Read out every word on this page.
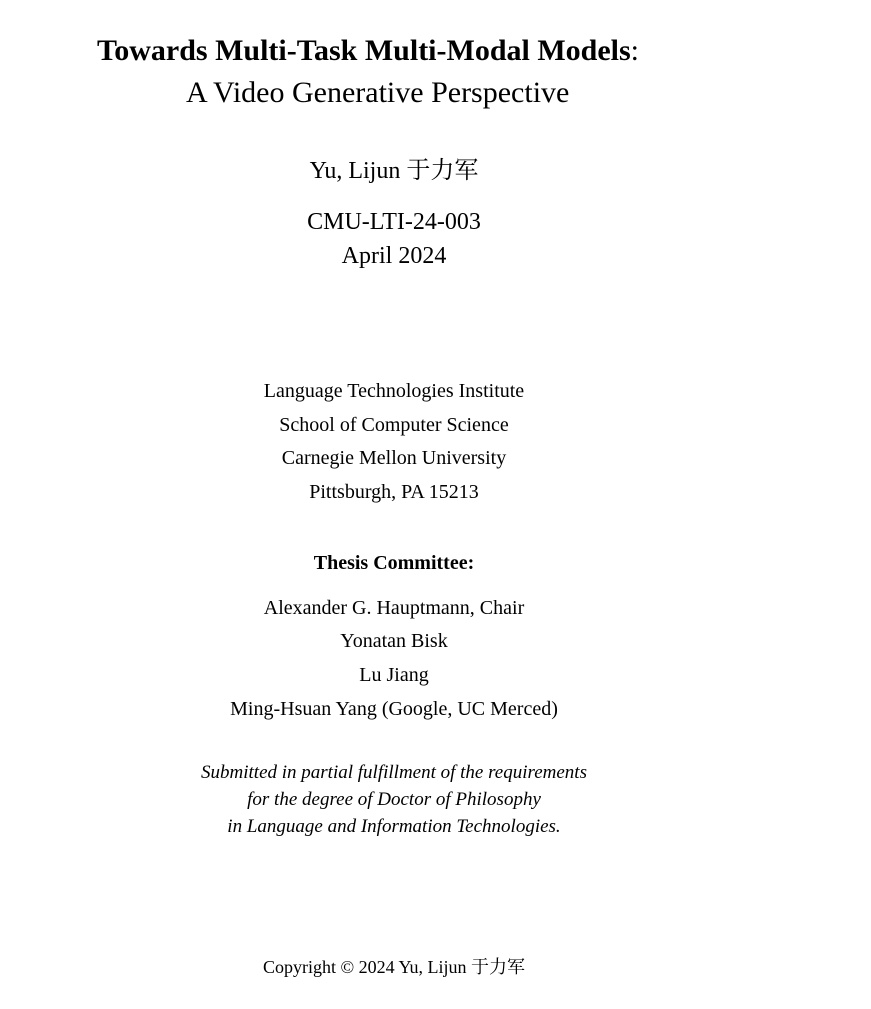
Towards Multi-Task Multi-Modal Models:
A Video Generative Perspective
Yu, Lijun 于力军
CMU-LTI-24-003
April 2024
Language Technologies Institute
School of Computer Science
Carnegie Mellon University
Pittsburgh, PA 15213
Thesis Committee:
Alexander G. Hauptmann, Chair
Yonatan Bisk
Lu Jiang
Ming-Hsuan Yang (Google, UC Merced)
Submitted in partial fulfillment of the requirements
for the degree of Doctor of Philosophy
in Language and Information Technologies.
Copyright © 2024 Yu, Lijun 于力军
